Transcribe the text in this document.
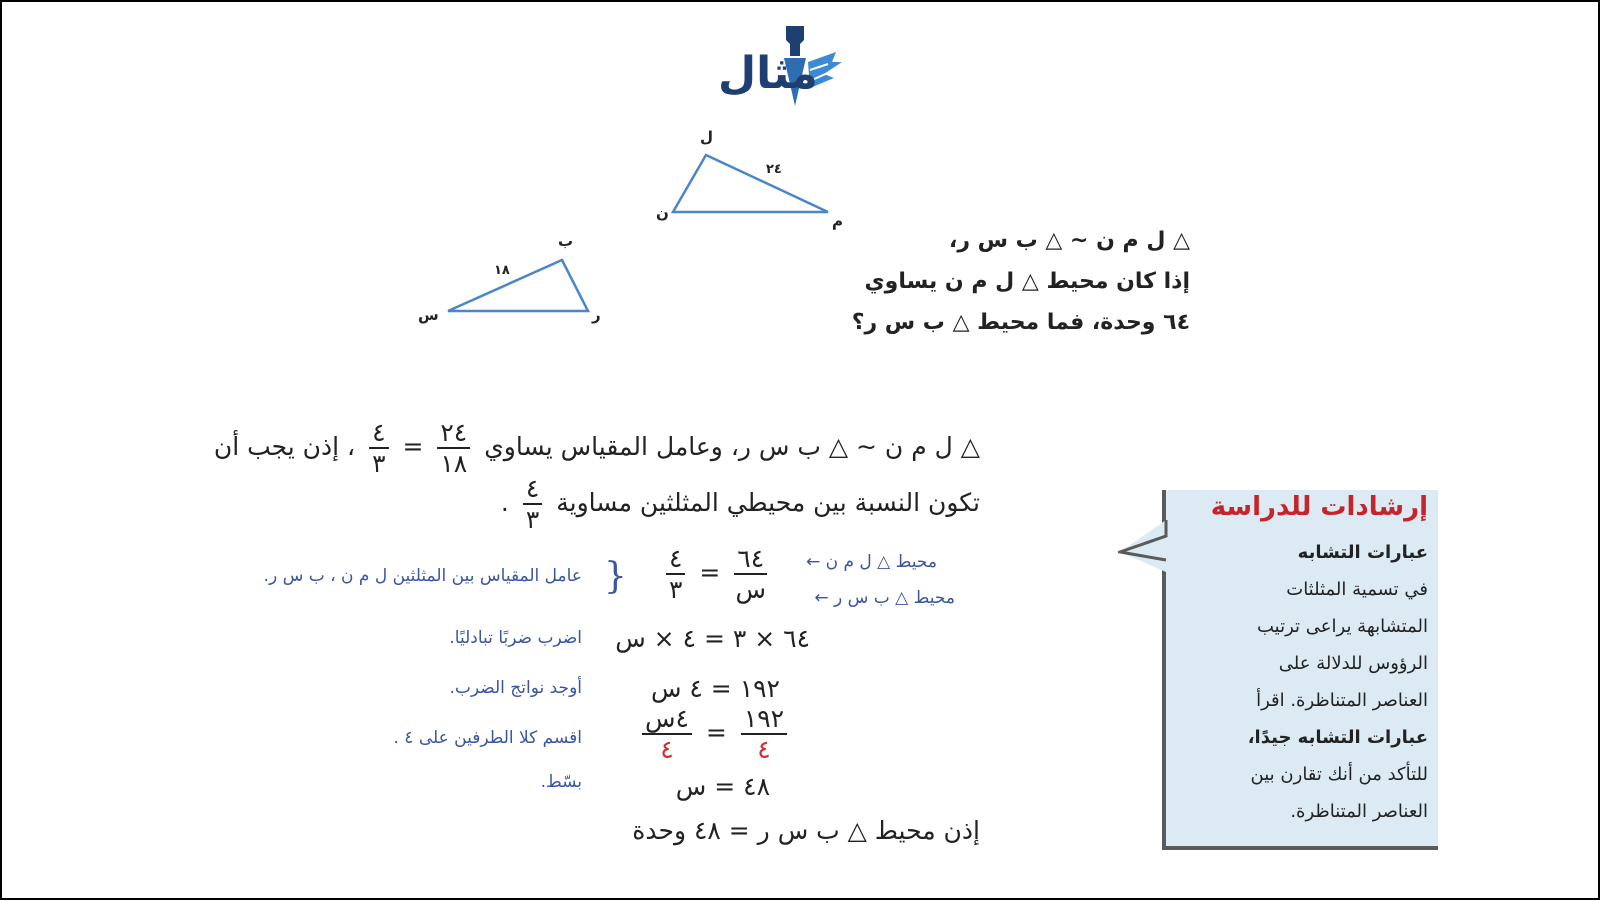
مثال
ل
م
ن
٢٤
ب
س	ر
١٨
△ ل م ن ∽ △ ب س ر،
إذا كان محيط △ ل م ن يساوي
٦٤ وحدة، فما محيط △ ب س ر؟
△ ل م ن ∽ △ ب س ر، وعامل المقياس يساوي
$\frac{٢٤}{١٨}$
=
$\frac{٤}{٣}$
، إذن يجب أن
تكون النسبة بين محيطي المثلثين مساوية
$\frac{٤}{٣}$
.
$\frac{٤}{٣} = \frac{٦٤}{\text{س}}$	محيط △ ل م ن ←
محيط △ ب س ر ←
}
عامل المقياس بين المثلثين ل م ن ، ب س ر.
٦٤ × ٣ = ٤ × س
اضرب ضربًا تبادليًا.
١٩٢ = ٤ س
أوجد نواتج الضرب.
$\frac{\text{٤س}}{٤} = \frac{١٩٢}{٤}$
اقسم كلا الطرفين على ٤ .
٤٨ = س
بسّط.
إذن محيط △ ب س ر = ٤٨ وحدة
إرشادات للدراسة
عبارات التشابه
في تسمية المثلثات
المتشابهة يراعى ترتيب
الرؤوس للدلالة على
العناصر المتناظرة. اقرأ
عبارات التشابه جيدًا،
للتأكد من أنك تقارن بين
العناصر المتناظرة.
